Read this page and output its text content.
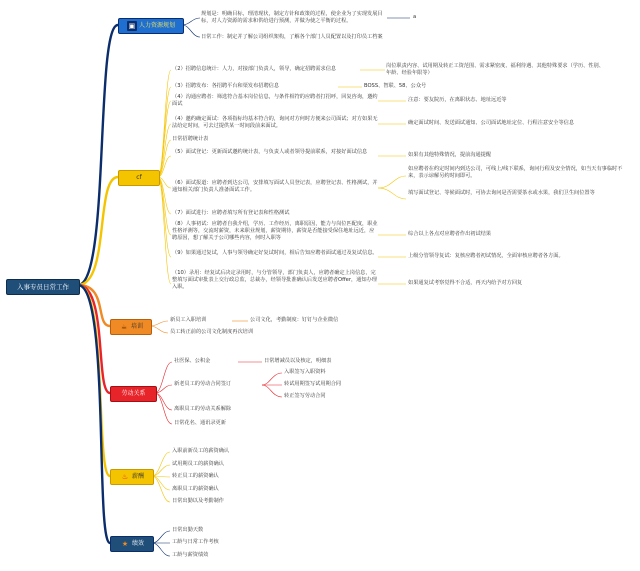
入事专员日常工作
▣ 人力资源规划
规划是：明确目标，理清现状，制定方针和政策的过程，使企业为了实现发展目标，对人力资源的需求和供给进行预测，并做为使之平衡的过程。
a
日常工作：制定并了解公司组织架构，了解各个部门人员配置以及打印员工档案
cf
（2）招聘信息统计：人力，对接部门负责人，领导，确定招聘需求信息
（3）招聘发布：各招聘平台和渠发布招聘信息
（4）沟通应聘者：筛选符合基本岗位信息，与条件相符的应聘者打招呼，回复咨询，邀约面试
（4）邀约确定面试：各项指标均基本符合的，询问对方何时方便来公司面试；对方如果无法给定时间，可去过提供某一时间段前来面试。
日常招聘统计表
（5）面试登记：更新面试邀约统计表，与负责人或者领导提前联系，对接好面试信息
（6）面试报道：应聘者到达公司，安排填写面试人员登记表，应聘登记表、性格测试，并通知相关部门负责人准备面试工作。
（7）面试进行：应聘者填写所有登记表和性格测试
（8）人事初试：应聘者自我介绍，学历、工作经历，离职原因，能力与岗位匹配度，职业性格评测等，交流时薪资，未来职业规划，薪资期待，薪资是否能接受保住地址远近，应聘原因，想了解关于公司哪些内容，何时入职等
（9）如果通过复试，人事与领导确定好复试时间，相后告知应聘者面试通过及复试信息。
（10）录用：经复试后决定录用时，与分管领导，部门负责人，应聘者确定上岗信息，完整填写面试审批表上交行政总监，总裁办，经领导批准确认后发送应聘者Offer，通知办理入职。
岗位职责内容、试用期及转正工资范围、需求紧密度、福利待遇、其他特殊要求（学历、性别、年龄、经验年限等）
BOSS、智联、58、公众号
注意：要友院历，在离职状态、地址远近等
确定面试时间、发送面试通知、公司面试地址定位、行程注意安全等信息
如果有其他特殊情况，提前沟通提醒
如应聘者在约定时间内到达公司，可线上/线下联系，询问行程及安全情况，如当天有事临时不来，表示谅解另约时间即可。
填写面试登记、等候面试时，可协去询问是否需要茶水或水果，我们卫生间位置等
综合以上各点对应聘者作出初试结果
上级分管领导复试：复核应聘者初试情况，全面审核应聘者各方面。
如果通复试考察觉得不合适，再天内给予对方回复
☕ 培训
新员工入职培训	公司文化，考勤制度：钉钉与企业微信
员工转正前的公司文化制度再次培训
劳动关系
社医保、公积金	日常增减员以及核定，明细表
新老员工的劳动合同签订
入职签写入职资料
转试用期签写试用期合同
转正签写劳动合同
离职员工的劳动关系解除
日常花名、通讯录更新
♨ 薪酬
入职前新员工的薪资确认
试用期员工的薪资确认
转正员工的薪资确认
离职员工的薪资确认
日常出勤以及考勤制作
★ 绩效
日常出勤天数
工龄与日常工作考核
工龄与薪资绩效
